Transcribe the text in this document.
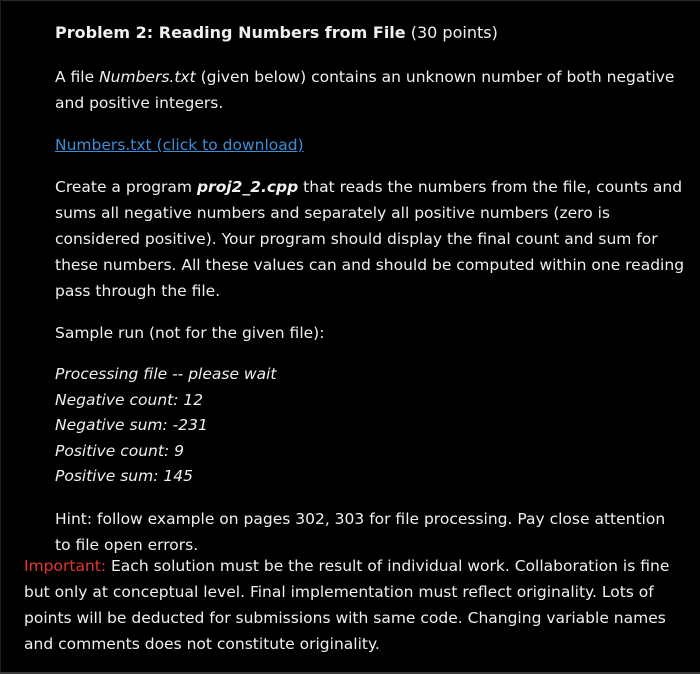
Problem 2: Reading Numbers from File (30 points)

A file Numbers.txt (given below) contains an unknown number of both negative and positive integers.

Numbers.txt (click to download)

Create a program proj2_2.cpp that reads the numbers from the file, counts and sums all negative numbers and separately all positive numbers (zero is considered positive). Your program should display the final count and sum for these numbers. All these values can and should be computed within one reading pass through the file.

Sample run (not for the given file):

Processing file -- please wait
Negative count: 12
Negative sum: -231
Positive count: 9
Positive sum: 145

Hint: follow example on pages 302, 303 for file processing. Pay close attention to file open errors.

Important: Each solution must be the result of individual work. Collaboration is fine but only at conceptual level. Final implementation must reflect originality. Lots of points will be deducted for submissions with same code. Changing variable names and comments does not constitute originality.
